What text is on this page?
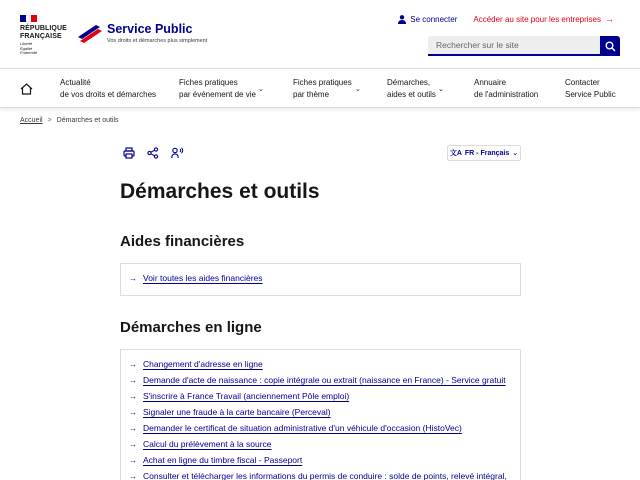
RÉPUBLIQUE
FRANÇAISE
Liberté
Égalité
Fraternité
Service Public
Vos droits et démarches plus simplement
Se connecter Accéder au site pour les entreprises →
Rechercher sur le site
Actualité
de vos droits et démarches
Fiches pratiques
par événement de vie
⌄
Fiches pratiques
par thème
⌄
Démarches,
aides et outils
⌄
Annuaire
de l'administration
Contacter
Service Public
Accueil > Démarches et outils
文A FR - Français ⌄
Démarches et outils
Aides financières
→ Voir toutes les aides financières
Démarches en ligne
→ Changement d'adresse en ligne
→ Demande d'acte de naissance : copie intégrale ou extrait (naissance en France) - Service gratuit
→ S'inscrire à France Travail (anciennement Pôle emploi)
→ Signaler une fraude à la carte bancaire (Perceval)
→ Demander le certificat de situation administrative d'un véhicule d'occasion (HistoVec)
→ Calcul du prélèvement à la source
→ Achat en ligne du timbre fiscal - Passeport
→ Consulter et télécharger les informations du permis de conduire : solde de points, relevé intégral,
